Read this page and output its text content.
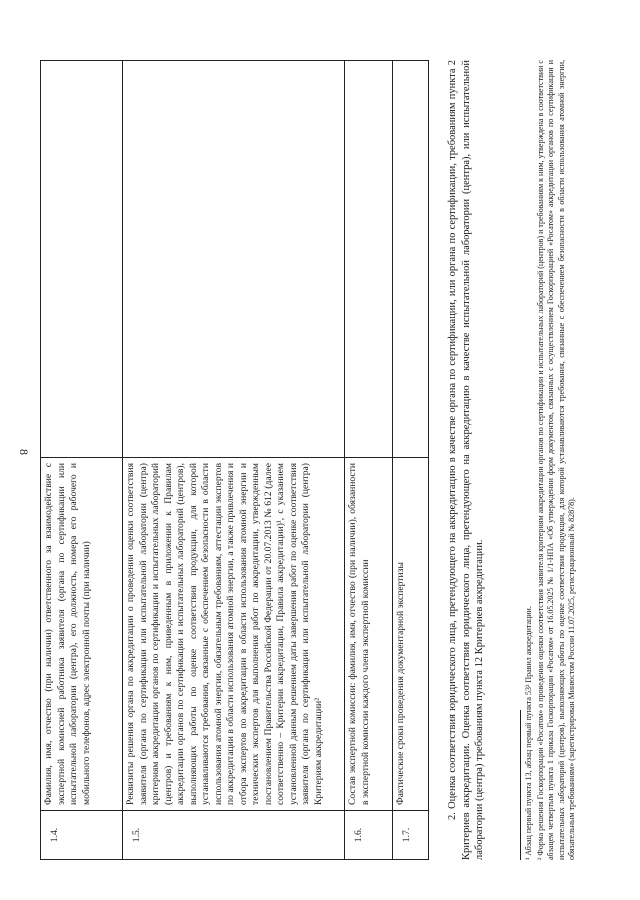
8
1.4.	Фамилия, имя, отчество (при наличии) ответственного за взаимодействие с экспертной комиссией работника заявителя (органа по сертификации или испытательной лаборатории (центра), его должность, номера его рабочего и мобильного телефонов, адрес электронной почты (при наличии)	
1.5.	Реквизиты решения органа по аккредитации о проведении оценки соответствия заявителя (органа по сертификации или испытательной лаборатории (центра) критериям аккредитации органов по сертификации и испытательных лабораторий (центров) и требованиям к ним, приведенным в приложении к Правилам аккредитации органов по сертификации и испытательных лабораторий (центров), выполняющих работы по оценке соответствия продукции, для которой устанавливаются требования, связанные с обеспечением безопасности в области использования атомной энергии, обязательным требованиям, аттестации экспертов по аккредитации в области использования атомной энергии, а также привлечения и отбора экспертов по аккредитации в области использования атомной энергии и технических экспертов для выполнения работ по аккредитации, утвержденным постановлением Правительства Российской Федерации от 20.07.2013 № 612 (далее соответственно – Критерии аккредитации, Правила аккредитации)¹, с указанием установленной данным решением даты завершения работ по оценке соответствия заявителя (органа по сертификации или испытательной лаборатории (центра) Критериям аккредитации²	
1.6.	Состав экспертной комиссии: фамилия, имя, отчество (при наличии), обязанности в экспертной комиссии каждого члена экспертной комиссии	
1.7.	Фактические сроки проведения документарной экспертизы		2. Оценка соответствия юридического лица, претендующего на аккредитацию в качестве органа по сертификации, или органа по сертификации, требованиям пункта 2 Критериев аккредитации. Оценка соответствия юридического лица, претендующего на аккредитацию в качестве испытательной лаборатории (центра), или испытательной лаборатории (центра) требованиям пункта 12 Критериев аккредитации.	¹ Абзац первый пункта 13, абзац первый пункта 53² Правил аккредитации. ² Форма решения Госкорпорации «Росатом» о проведении оценки соответствия заявителя критериям аккредитации органов по сертификации и испытательных лабораторий (центров) и требованиям к ним, утверждена в соответствии с абзацем четвертым пункта 1 приказа Госкорпорации «Росатом» от 16.05.2025 № 1/1-НПА «Об утверждении форм документов, связанных с осуществлением Госкорпорацией «Росатом» аккредитации органов по сертификации и испытательных лабораторий (центров), выполняющих работы по оценке соответствия продукции, для которой устанавливаются требования, связанные с обеспечением безопасности в области использования атомной энергии, обязательным требованиям» (зарегистрирован Минюстом России 11.07.2025, регистрационный № 82878).
